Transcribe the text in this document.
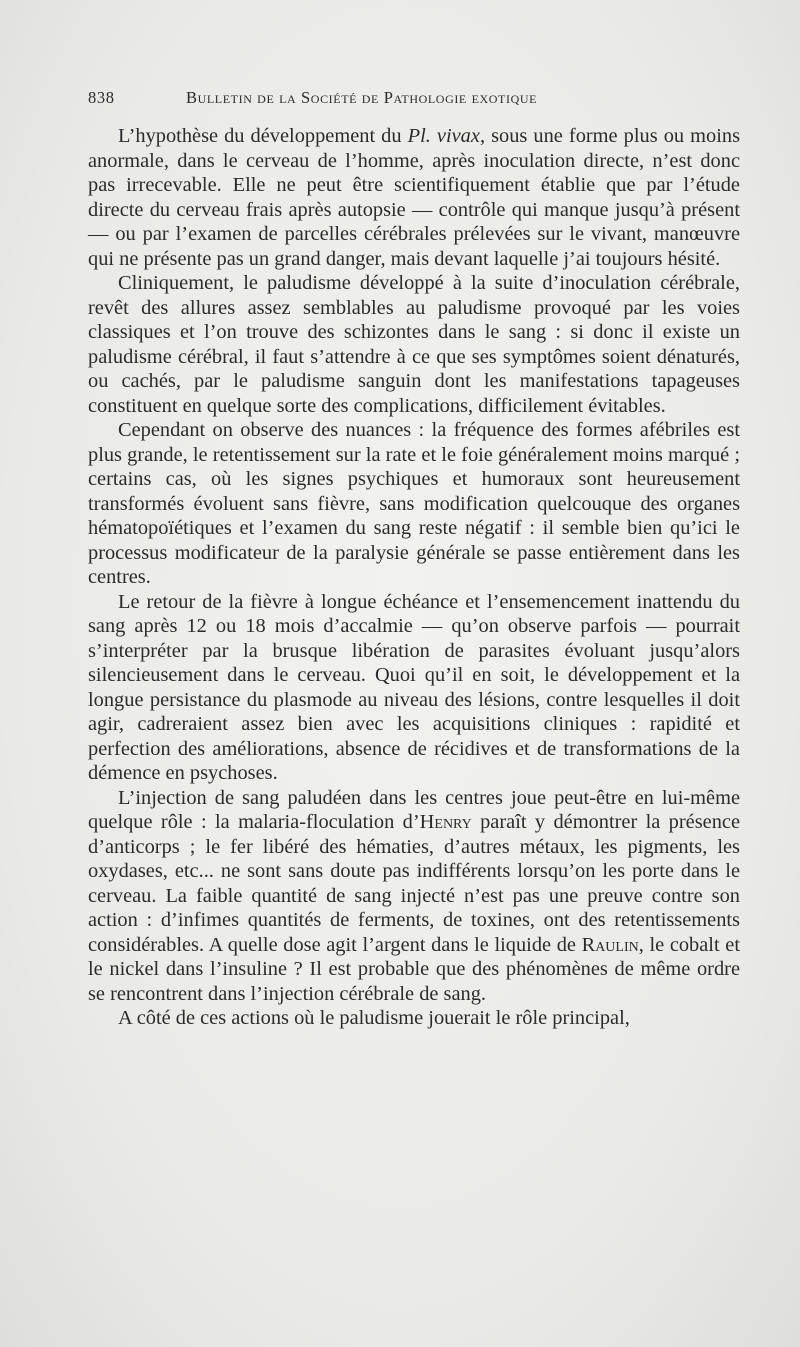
838	Bulletin de la Société de Pathologie exotique

L’hypothèse du développement du Pl. vivax, sous une forme plus ou moins anormale, dans le cerveau de l’homme, après inoculation directe, n’est donc pas irrecevable. Elle ne peut être scientifiquement établie que par l’étude directe du cerveau frais après autopsie — contrôle qui manque jusqu’à présent — ou par l’examen de parcelles cérébrales prélevées sur le vivant, manœuvre qui ne présente pas un grand danger, mais devant laquelle j’ai toujours hésité.

Cliniquement, le paludisme développé à la suite d’inoculation cérébrale, revêt des allures assez semblables au paludisme provoqué par les voies classiques et l’on trouve des schizontes dans le sang : si donc il existe un paludisme cérébral, il faut s’attendre à ce que ses symptômes soient dénaturés, ou cachés, par le paludisme sanguin dont les manifestations tapageuses constituent en quelque sorte des complications, difficilement évitables.

Cependant on observe des nuances : la fréquence des formes afébriles est plus grande, le retentissement sur la rate et le foie généralement moins marqué ; certains cas, où les signes psychiques et humoraux sont heureusement transformés évoluent sans fièvre, sans modification quelcouque des organes hématopoïétiques et l’examen du sang reste négatif : il semble bien qu’ici le processus modificateur de la paralysie générale se passe entièrement dans les centres.

Le retour de la fièvre à longue échéance et l’ensemencement inattendu du sang après 12 ou 18 mois d’accalmie — qu’on observe parfois — pourrait s’interpréter par la brusque libération de parasites évoluant jusqu’alors silencieusement dans le cerveau. Quoi qu’il en soit, le développement et la longue persistance du plasmode au niveau des lésions, contre lesquelles il doit agir, cadreraient assez bien avec les acquisitions cliniques : rapidité et perfection des améliorations, absence de récidives et de transformations de la démence en psychoses.

L’injection de sang paludéen dans les centres joue peut-être en lui-même quelque rôle : la malaria-floculation d’Henry paraît y démontrer la présence d’anticorps ; le fer libéré des hématies, d’autres métaux, les pigments, les oxydases, etc... ne sont sans doute pas indifférents lorsqu’on les porte dans le cerveau. La faible quantité de sang injecté n’est pas une preuve contre son action : d’infimes quantités de ferments, de toxines, ont des retentissements considérables. A quelle dose agit l’argent dans le liquide de Raulin, le cobalt et le nickel dans l’insuline ? Il est probable que des phénomènes de même ordre se rencontrent dans l’injection cérébrale de sang.

A côté de ces actions où le paludisme jouerait le rôle principal,
